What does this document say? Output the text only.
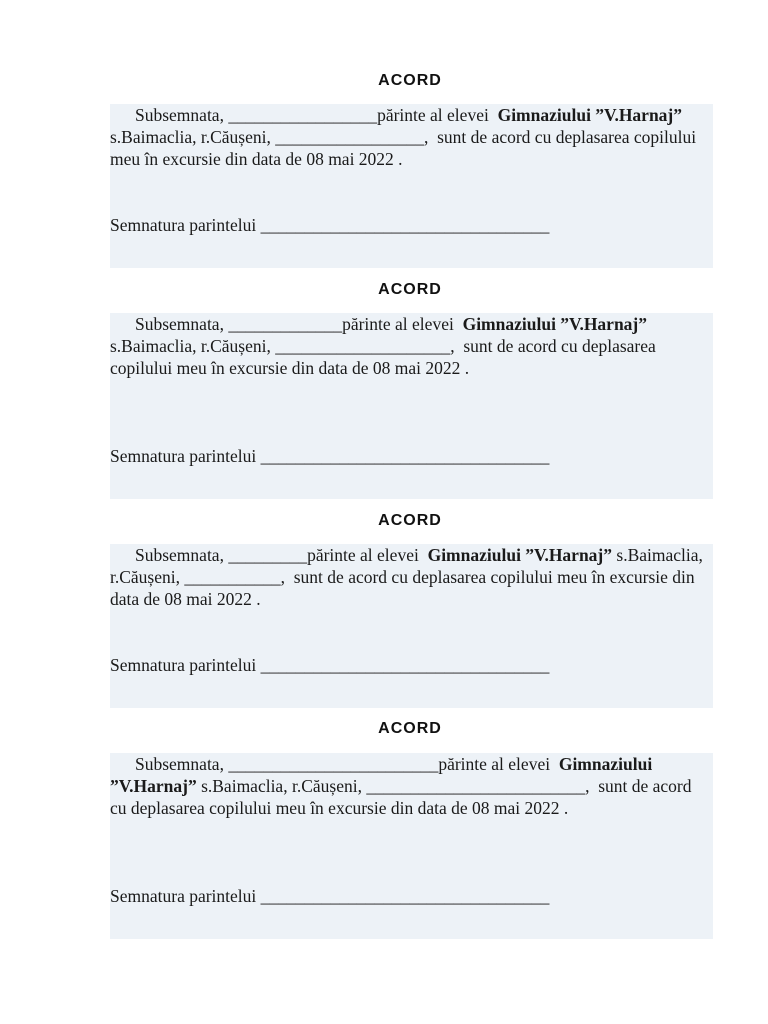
ACORD

Subsemnata, _________________părinte al elevei Gimnaziului ”V.Harnaj” s.Baimaclia, r.Căușeni, _________________, sunt de acord cu deplasarea copilului meu în excursie din data de 08 mai 2022 .

Semnatura parintelui _________________________________
ACORD

Subsemnata, _____________părinte al elevei Gimnaziului ”V.Harnaj” s.Baimaclia, r.Căușeni, ____________________, sunt de acord cu deplasarea copilului meu în excursie din data de 08 mai 2022 .

Semnatura parintelui _________________________________
ACORD

Subsemnata, _________părinte al elevei Gimnaziului ”V.Harnaj” s.Baimaclia, r.Căușeni, ___________, sunt de acord cu deplasarea copilului meu în excursie din data de 08 mai 2022 .

Semnatura parintelui _________________________________
ACORD

Subsemnata, ________________________părinte al elevei Gimnaziului ”V.Harnaj” s.Baimaclia, r.Căușeni, _________________________, sunt de acord cu deplasarea copilului meu în excursie din data de 08 mai 2022 .

Semnatura parintelui _________________________________
